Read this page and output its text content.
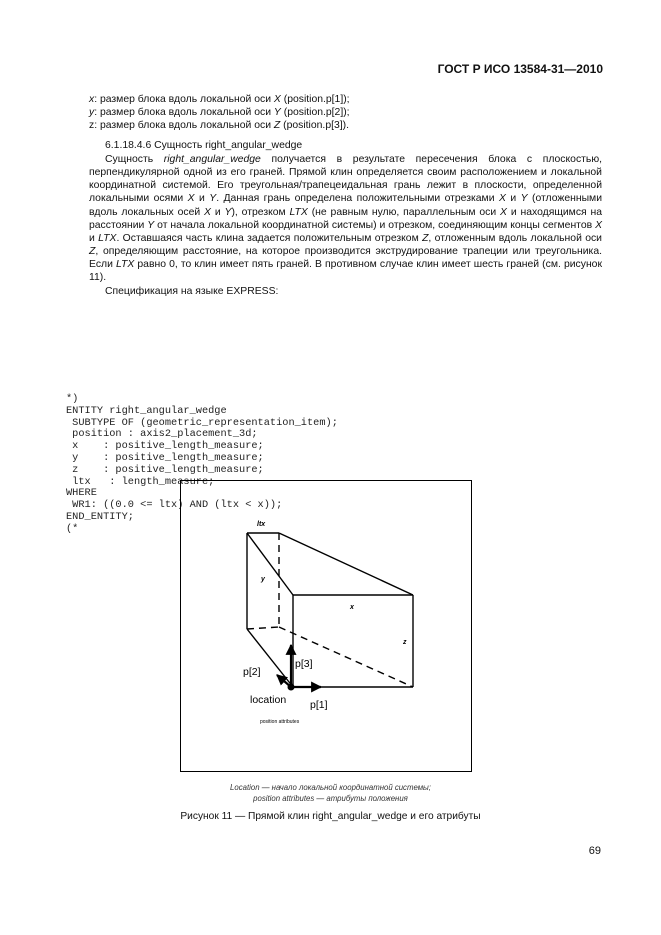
ГОСТ Р ИСО 13584-31—2010
x: размер блока вдоль локальной оси X (position.p[1]);
y: размер блока вдоль локальной оси Y (position.p[2]);
z: размер блока вдоль локальной оси Z (position.p[3]).
6.1.18.4.6 Сущность right_angular_wedge
Сущность right_angular_wedge получается в результате пересечения блока с плоскостью, перпендикулярной одной из его граней. Прямой клин определяется своим расположением и локальной координатной системой. Его треугольная/трапецеидальная грань лежит в плоскости, определенной локальными осями X и Y. Данная грань определена положительными отрезками X и Y (отложенными вдоль локальных осей X и Y), отрезком LTX (не равным нулю, параллельным оси X и находящимся на расстоянии Y от начала локальной координатной системы) и отрезком, соединяющим концы сегментов X и LTX. Оставшаяся часть клина задается положительным отрезком Z, отложенным вдоль локальной оси Z, определяющим расстояние, на которое производится экструдирование трапеции или треугольника. Если LTX равно 0, то клин имеет пять граней. В противном случае клин имеет шесть граней (см. рисунок 11).
Спецификация на языке EXPRESS:
*)
ENTITY right_angular_wedge
SUBTYPE OF (geometric_representation_item);
position : axis2_placement_3d;
x    : positive_length_measure;
y    : positive_length_measure;
z    : positive_length_measure;
ltx   : length_measure;
WHERE
WR1: ((0.0 <= ltx) AND (ltx < x));
END_ENTITY;
(*	ltx
y
x
z
p[3]
p[2]
location p[1]
position attributes
Location — начало локальной координатной системы;
position attributes — атрибуты положения
Рисунок 11 — Прямой клин right_angular_wedge и его атрибуты
69
